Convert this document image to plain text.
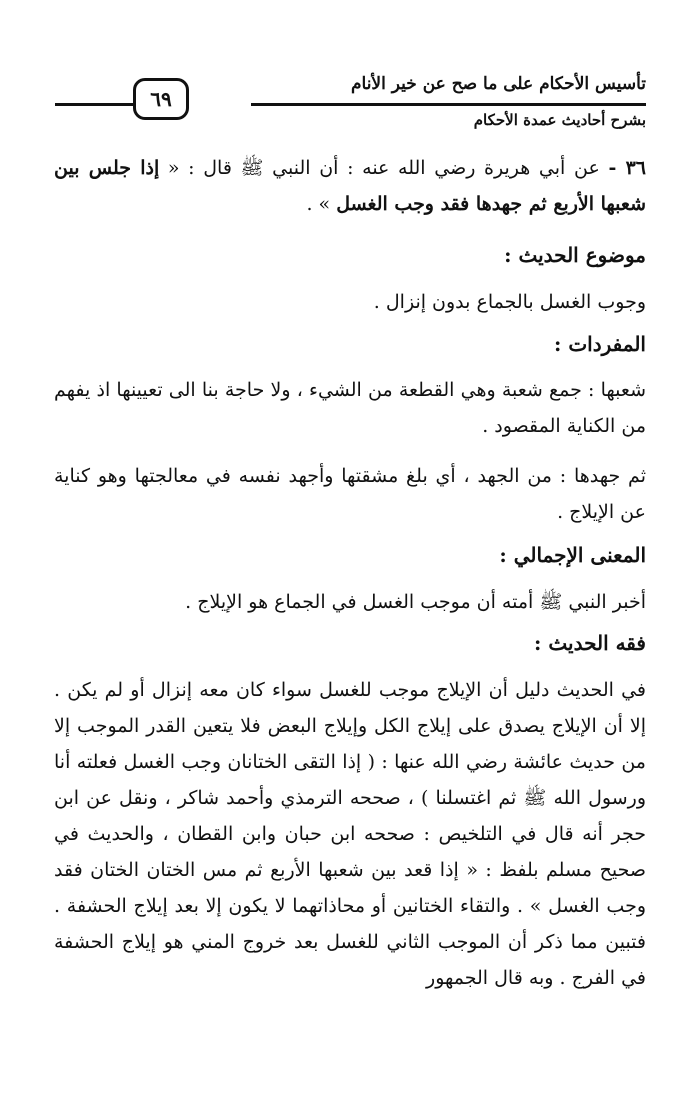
تأسيس الأحكام على ما صح عن خير الأنام
٦٩
بشرح أحاديث عمدة الأحكام
٣٦ - عن أبي هريرة رضي الله عنه : أن النبي ﷺ قال : « إذا جلس بين شعبها الأربع ثم جهدها فقد وجب الغسل » .
موضوع الحديث :
وجوب الغسل بالجماع بدون إنزال .
المفردات :
شعبها : جمع شعبة وهي القطعة من الشيء ، ولا حاجة بنا الى تعيينها اذ يفهم من الكناية المقصود .
ثم جهدها : من الجهد ، أي بلغ مشقتها وأجهد نفسه في معالجتها وهو كناية عن الإيلاج .
المعنى الإجمالي :
أخبر النبي ﷺ أمته أن موجب الغسل في الجماع هو الإيلاج .
فقه الحديث :
في الحديث دليل أن الإيلاج موجب للغسل سواء كان معه إنزال أو لم يكن . إلا أن الإيلاج يصدق على إيلاج الكل وإيلاج البعض فلا يتعين القدر الموجب إلا من حديث عائشة رضي الله عنها : ( إذا التقى الختانان وجب الغسل فعلته أنا ورسول الله ﷺ ثم اغتسلنا ) ، صححه الترمذي وأحمد شاكر ، ونقل عن ابن حجر أنه قال في التلخيص : صححه ابن حبان وابن القطان ، والحديث في صحيح مسلم بلفظ : « إذا قعد بين شعبها الأربع ثم مس الختان الختان فقد وجب الغسل » . والتقاء الختانين أو محاذاتهما لا يكون إلا بعد إيلاج الحشفة . فتبين مما ذكر أن الموجب الثاني للغسل بعد خروج المني هو إيلاج الحشفة في الفرج . وبه قال الجمهور
